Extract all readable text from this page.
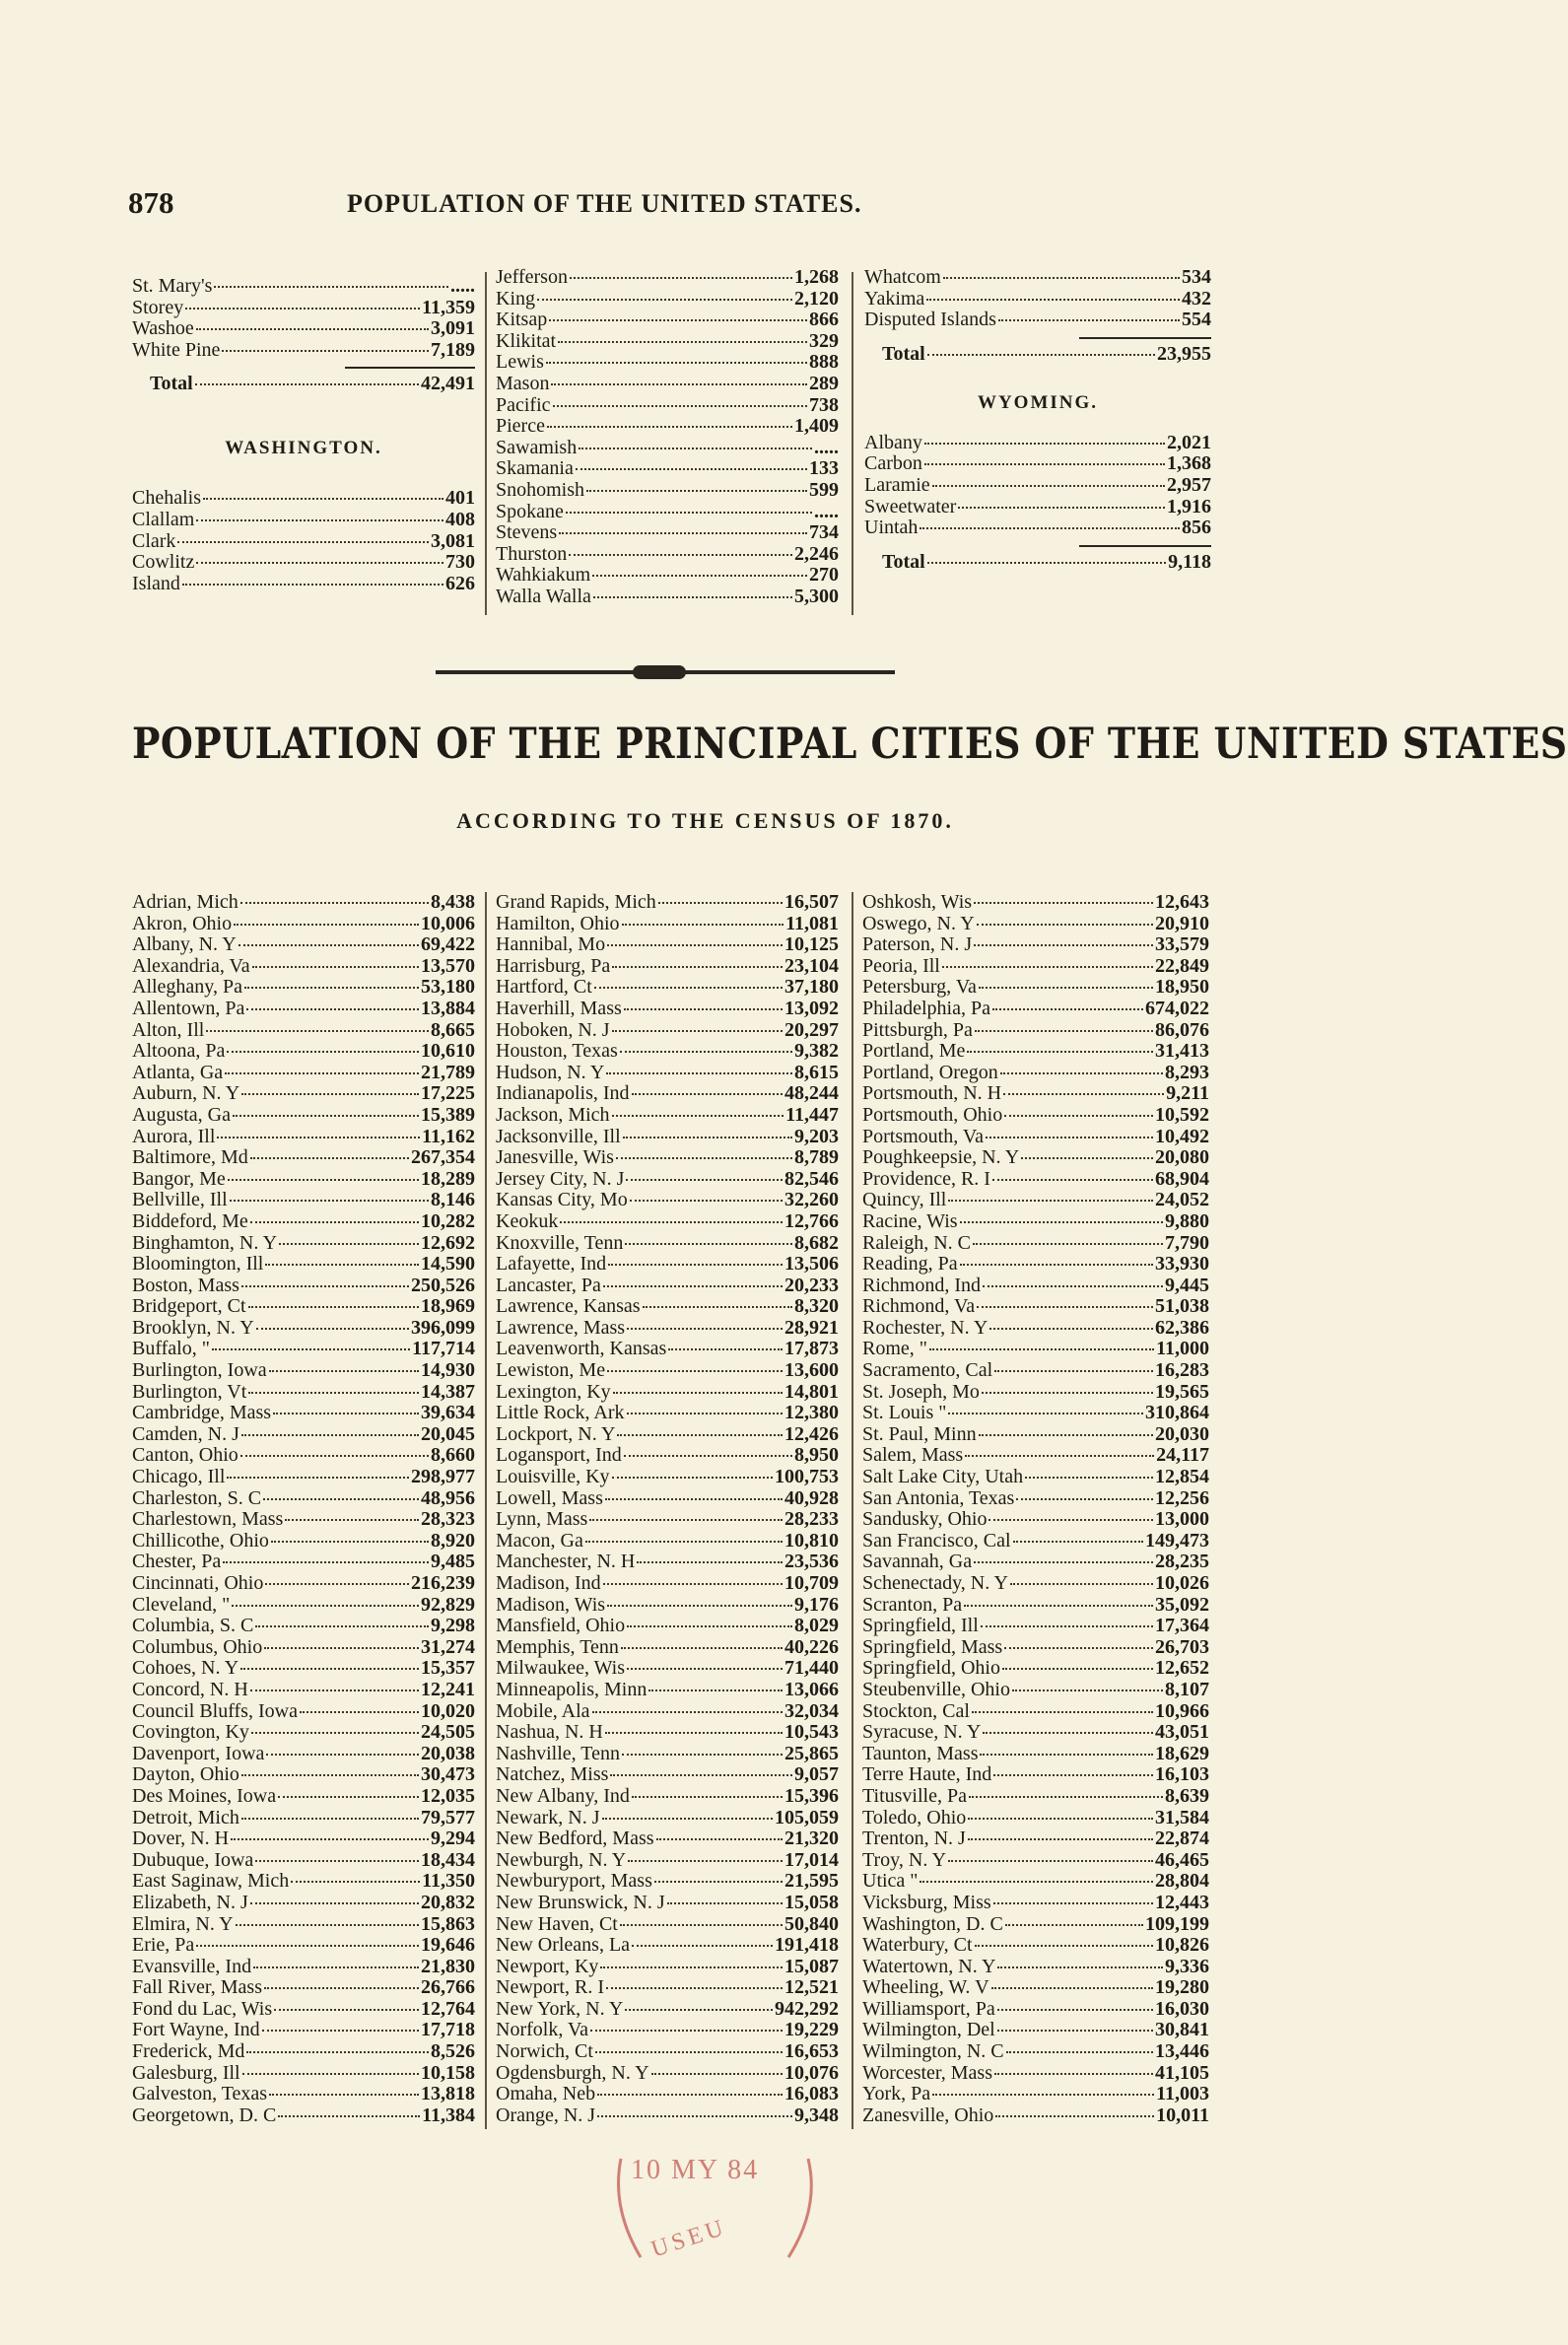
878	POPULATION OF THE UNITED STATES.
St. Mary's	.....
Storey	11,359
Washoe	3,091
White Pine	7,189
Total	42,491
WASHINGTON.
Chehalis	401
Clallam	408
Clark	3,081
Cowlitz	730
Island	626
Jefferson	1,268
King	2,120
Kitsap	866
Klikitat	329
Lewis	888
Mason	289
Pacific	738
Pierce	1,409
Sawamish	.....
Skamania	133
Snohomish	599
Spokane	.....
Stevens	734
Thurston	2,246
Wahkiakum	270
Walla Walla	5,300
Whatcom	534
Yakima	432
Disputed Islands	554
Total	23,955
WYOMING.
Albany	2,021
Carbon	1,368
Laramie	2,957
Sweetwater	1,916
Uintah	856
Total	9,118
POPULATION OF THE PRINCIPAL CITIES OF THE UNITED STATES
ACCORDING TO THE CENSUS OF 1870.
Adrian, Mich	8,438
Akron, Ohio	10,006
Albany, N. Y	69,422
Alexandria, Va	13,570
Alleghany, Pa	53,180
Allentown, Pa	13,884
Alton, Ill	8,665
Altoona, Pa	10,610
Atlanta, Ga	21,789
Auburn, N. Y	17,225
Augusta, Ga	15,389
Aurora, Ill	11,162
Baltimore, Md	267,354
Bangor, Me	18,289
Bellville, Ill	8,146
Biddeford, Me	10,282
Binghamton, N. Y	12,692
Bloomington, Ill	14,590
Boston, Mass	250,526
Bridgeport, Ct	18,969
Brooklyn, N. Y	396,099
Buffalo, "	117,714
Burlington, Iowa	14,930
Burlington, Vt	14,387
Cambridge, Mass	39,634
Camden, N. J	20,045
Canton, Ohio	8,660
Chicago, Ill	298,977
Charleston, S. C	48,956
Charlestown, Mass	28,323
Chillicothe, Ohio	8,920
Chester, Pa	9,485
Cincinnati, Ohio	216,239
Cleveland, "	92,829
Columbia, S. C	9,298
Columbus, Ohio	31,274
Cohoes, N. Y	15,357
Concord, N. H	12,241
Council Bluffs, Iowa	10,020
Covington, Ky	24,505
Davenport, Iowa	20,038
Dayton, Ohio	30,473
Des Moines, Iowa	12,035
Detroit, Mich	79,577
Dover, N. H	9,294
Dubuque, Iowa	18,434
East Saginaw, Mich	11,350
Elizabeth, N. J	20,832
Elmira, N. Y	15,863
Erie, Pa	19,646
Evansville, Ind	21,830
Fall River, Mass	26,766
Fond du Lac, Wis	12,764
Fort Wayne, Ind	17,718
Frederick, Md	8,526
Galesburg, Ill	10,158
Galveston, Texas	13,818
Georgetown, D. C	11,384
Grand Rapids, Mich	16,507
Hamilton, Ohio	11,081
Hannibal, Mo	10,125
Harrisburg, Pa	23,104
Hartford, Ct	37,180
Haverhill, Mass	13,092
Hoboken, N. J	20,297
Houston, Texas	9,382
Hudson, N. Y	8,615
Indianapolis, Ind	48,244
Jackson, Mich	11,447
Jacksonville, Ill	9,203
Janesville, Wis	8,789
Jersey City, N. J	82,546
Kansas City, Mo	32,260
Keokuk	12,766
Knoxville, Tenn	8,682
Lafayette, Ind	13,506
Lancaster, Pa	20,233
Lawrence, Kansas	8,320
Lawrence, Mass	28,921
Leavenworth, Kansas	17,873
Lewiston, Me	13,600
Lexington, Ky	14,801
Little Rock, Ark	12,380
Lockport, N. Y	12,426
Logansport, Ind	8,950
Louisville, Ky	100,753
Lowell, Mass	40,928
Lynn, Mass	28,233
Macon, Ga	10,810
Manchester, N. H	23,536
Madison, Ind	10,709
Madison, Wis	9,176
Mansfield, Ohio	8,029
Memphis, Tenn	40,226
Milwaukee, Wis	71,440
Minneapolis, Minn	13,066
Mobile, Ala	32,034
Nashua, N. H	10,543
Nashville, Tenn	25,865
Natchez, Miss	9,057
New Albany, Ind	15,396
Newark, N. J	105,059
New Bedford, Mass	21,320
Newburgh, N. Y	17,014
Newburyport, Mass	21,595
New Brunswick, N. J	15,058
New Haven, Ct	50,840
New Orleans, La	191,418
Newport, Ky	15,087
Newport, R. I	12,521
New York, N. Y	942,292
Norfolk, Va	19,229
Norwich, Ct	16,653
Ogdensburgh, N. Y	10,076
Omaha, Neb	16,083
Orange, N. J	9,348
Oshkosh, Wis	12,643
Oswego, N. Y	20,910
Paterson, N. J	33,579
Peoria, Ill	22,849
Petersburg, Va	18,950
Philadelphia, Pa	674,022
Pittsburgh, Pa	86,076
Portland, Me	31,413
Portland, Oregon	8,293
Portsmouth, N. H	9,211
Portsmouth, Ohio	10,592
Portsmouth, Va	10,492
Poughkeepsie, N. Y	20,080
Providence, R. I	68,904
Quincy, Ill	24,052
Racine, Wis	9,880
Raleigh, N. C	7,790
Reading, Pa	33,930
Richmond, Ind	9,445
Richmond, Va	51,038
Rochester, N. Y	62,386
Rome, "	11,000
Sacramento, Cal	16,283
St. Joseph, Mo	19,565
St. Louis "	310,864
St. Paul, Minn	20,030
Salem, Mass	24,117
Salt Lake City, Utah	12,854
San Antonia, Texas	12,256
Sandusky, Ohio	13,000
San Francisco, Cal	149,473
Savannah, Ga	28,235
Schenectady, N. Y	10,026
Scranton, Pa	35,092
Springfield, Ill	17,364
Springfield, Mass	26,703
Springfield, Ohio	12,652
Steubenville, Ohio	8,107
Stockton, Cal	10,966
Syracuse, N. Y	43,051
Taunton, Mass	18,629
Terre Haute, Ind	16,103
Titusville, Pa	8,639
Toledo, Ohio	31,584
Trenton, N. J	22,874
Troy, N. Y	46,465
Utica "	28,804
Vicksburg, Miss	12,443
Washington, D. C	109,199
Waterbury, Ct	10,826
Watertown, N. Y	9,336
Wheeling, W. V	19,280
Williamsport, Pa	16,030
Wilmington, Del	30,841
Wilmington, N. C	13,446
Worcester, Mass	41,105
York, Pa	11,003
Zanesville, Ohio	10,011
10 MY 84
USEU
